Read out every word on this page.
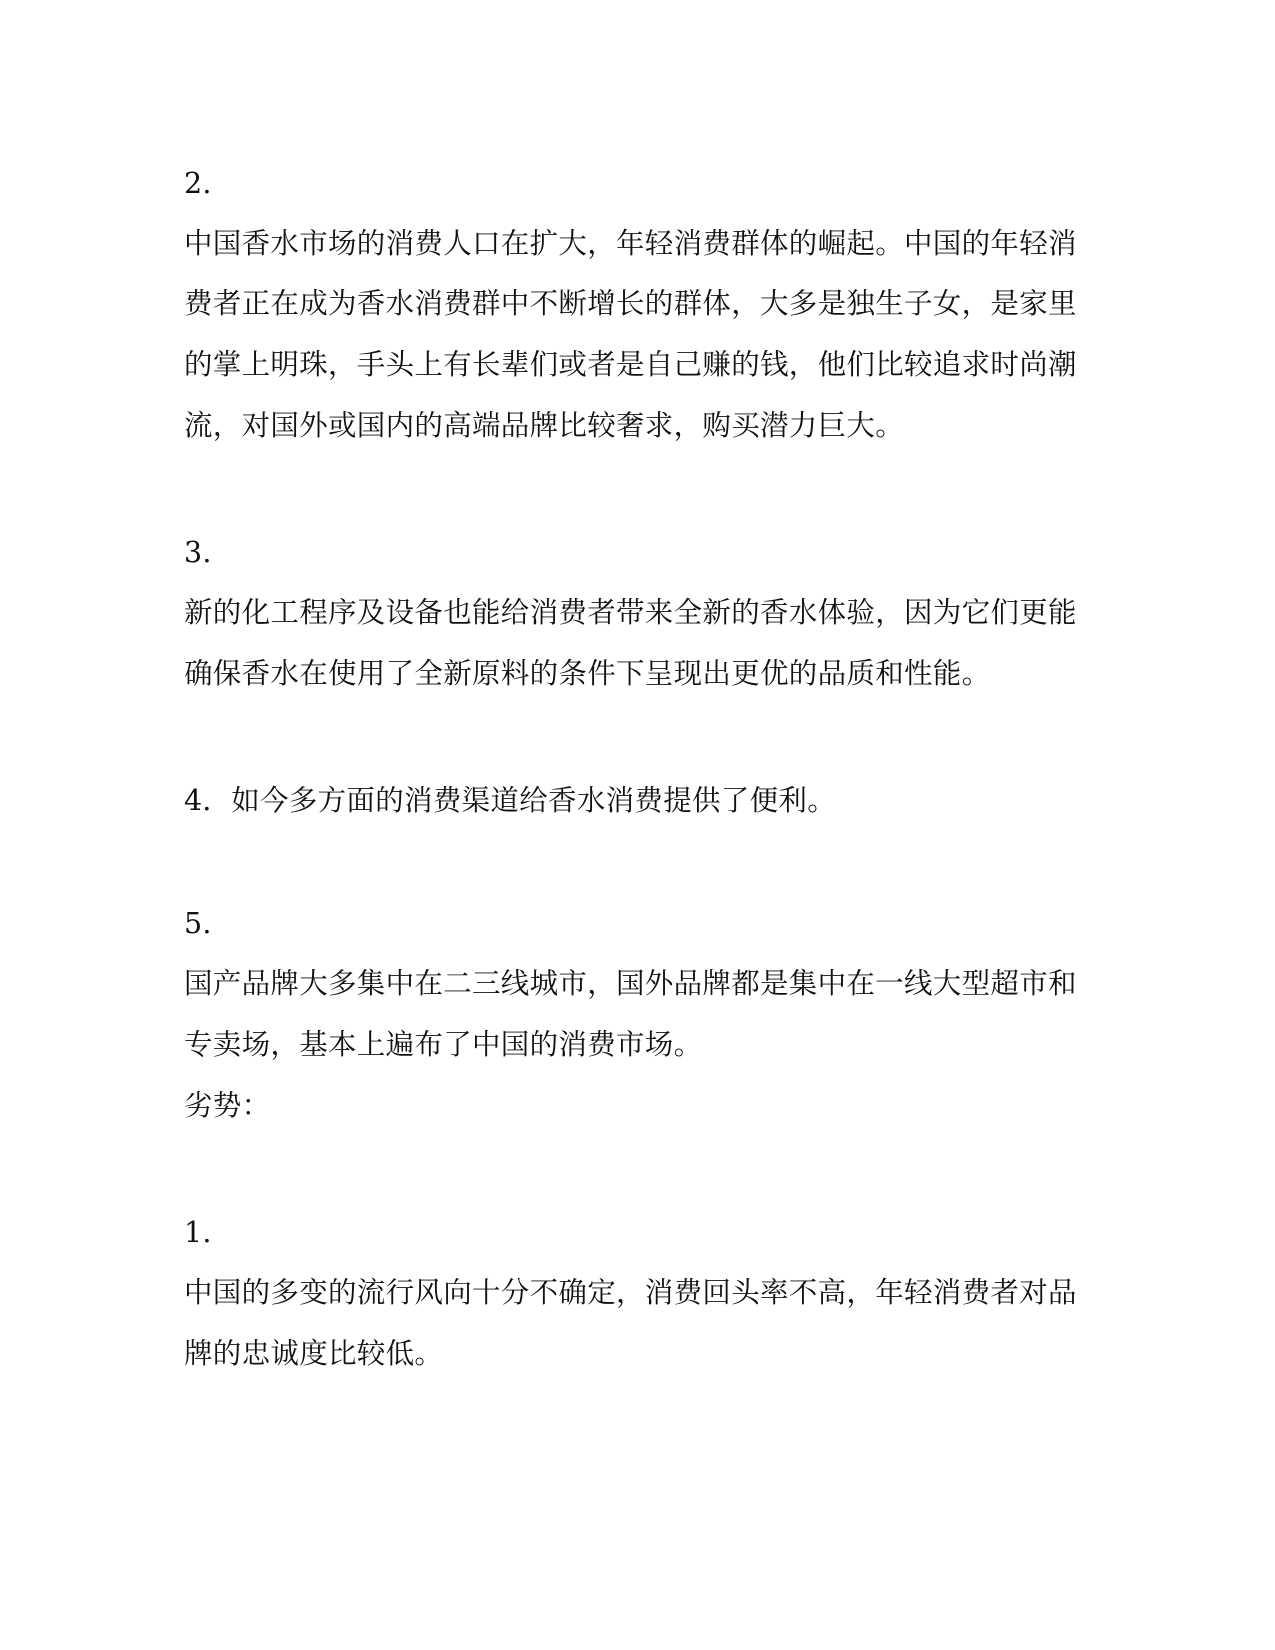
2.
中国香水市场的消费人口在扩大，年轻消费群体的崛起。中国的年轻消
费者正在成为香水消费群中不断增长的群体，大多是独生子女，是家里
的掌上明珠，手头上有长辈们或者是自己赚的钱，他们比较追求时尚潮
流，对国外或国内的高端品牌比较奢求，购买潜力巨大。
3.
新的化工程序及设备也能给消费者带来全新的香水体验，因为它们更能
确保香水在使用了全新原料的条件下呈现出更优的品质和性能。
4．如今多方面的消费渠道给香水消费提供了便利。
5.
国产品牌大多集中在二三线城市，国外品牌都是集中在一线大型超市和
专卖场，基本上遍布了中国的消费市场。
劣势：
1.
中国的多变的流行风向十分不确定，消费回头率不高，年轻消费者对品
牌的忠诚度比较低。
